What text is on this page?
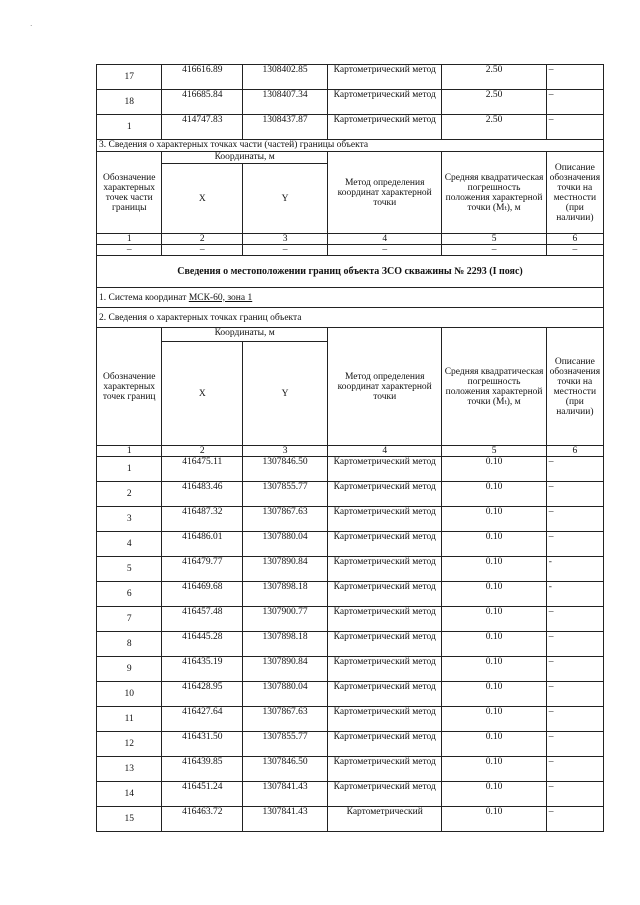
·
17	416616.89	1308402.85	Картометрический метод	2.50	–
18	416685.84	1308407.34	Картометрический метод	2.50	–
1	414747.83	1308437.87	Картометрический метод	2.50	–
3. Сведения о характерных точках части (частей) границы объекта					
Обозначение характерных точек части границы	Координаты, м		Метод определения координат характерной точки	Средняя квадратическая погрешность положения характерной точки (Mₜ), м	Описание обозначения точки на местности (при наличии)
	X	Y			
1	2	3	4	5	6
–	–	–	–	–	–
Сведения о местоположении границ объекта ЗСО скважины № 2293 (I пояс)					
1. Система координат МСК-60, зона 1					
2. Сведения о характерных точках границ объекта					
Обозначение характерных точек границ	Координаты, м		Метод определения координат характерной точки	Средняя квадратическая погрешность положения характерной точки (Mₜ), м	Описание обозначения точки на местности (при наличии)
	X	Y			
1	2	3	4	5	6
1	416475.11	1307846.50	Картометрический метод	0.10	–
2	416483.46	1307855.77	Картометрический метод	0.10	–
3	416487.32	1307867.63	Картометрический метод	0.10	–
4	416486.01	1307880.04	Картометрический метод	0.10	–
5	416479.77	1307890.84	Картометрический метод	0.10	-
6	416469.68	1307898.18	Картометрический метод	0.10	-
7	416457.48	1307900.77	Картометрический метод	0.10	–
8	416445.28	1307898.18	Картометрический метод	0.10	–
9	416435.19	1307890.84	Картометрический метод	0.10	–
10	416428.95	1307880.04	Картометрический метод	0.10	–
11	416427.64	1307867.63	Картометрический метод	0.10	–
12	416431.50	1307855.77	Картометрический метод	0.10	–
13	416439.85	1307846.50	Картометрический метод	0.10	–
14	416451.24	1307841.43	Картометрический метод	0.10	–
15	416463.72	1307841.43	Картометрический	0.10	–
